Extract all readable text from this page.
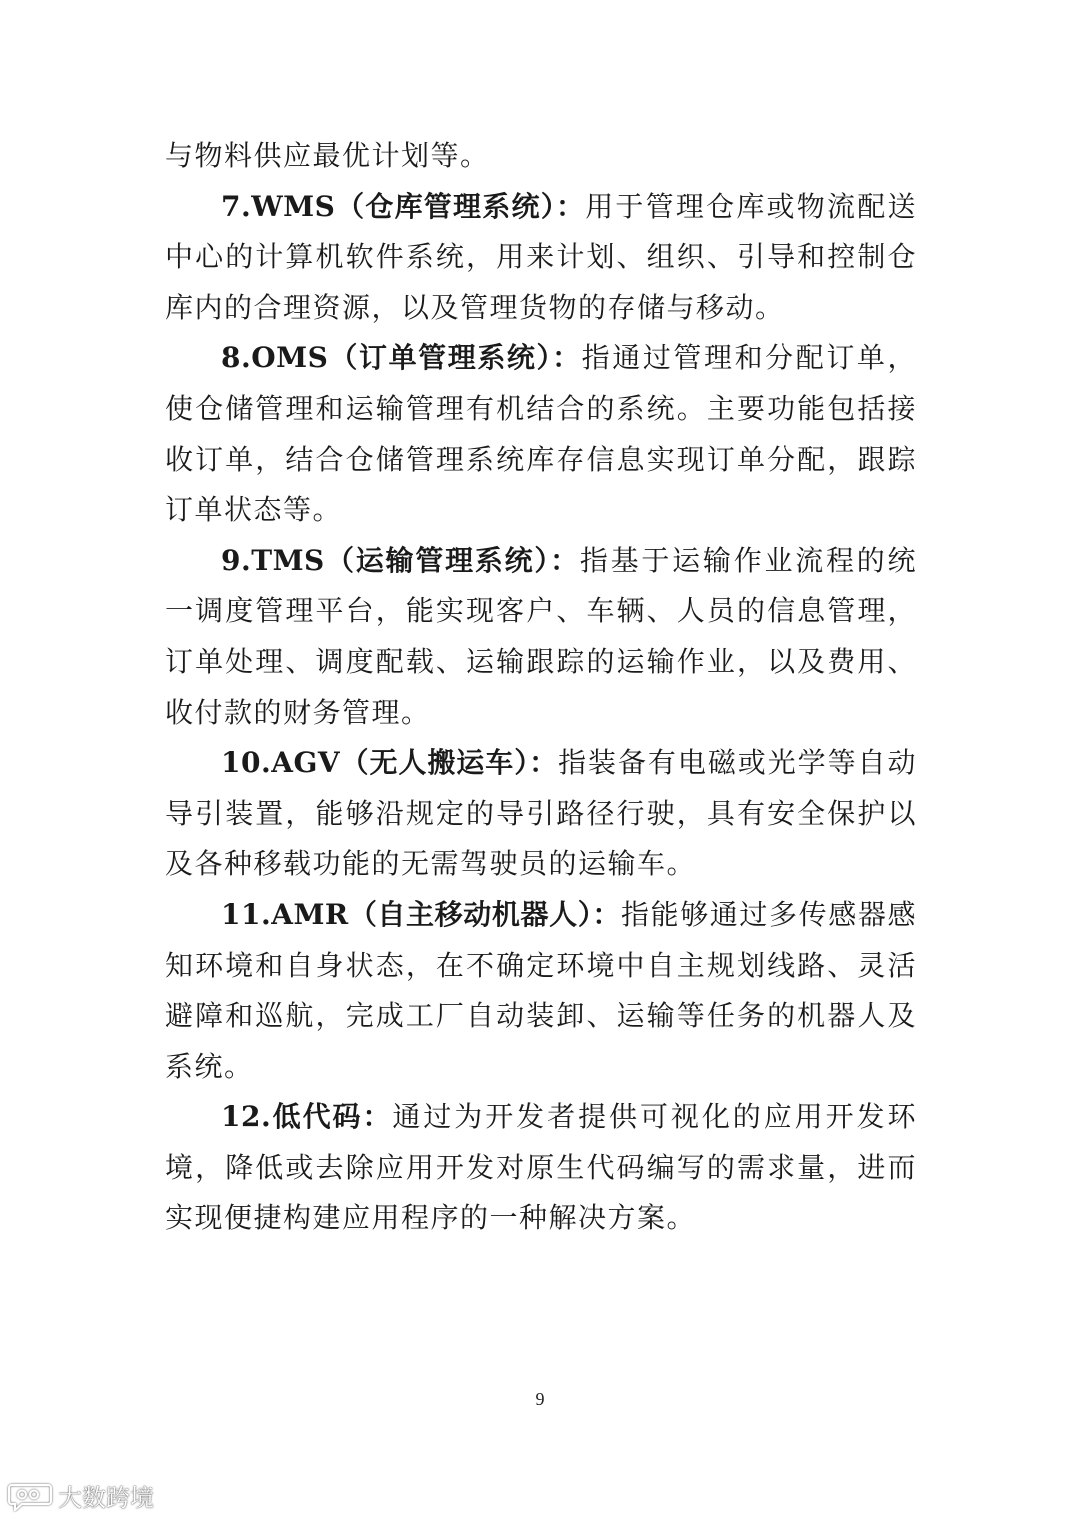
与物料供应最优计划等。

7.WMS（仓库管理系统）：用于管理仓库或物流配送中心的计算机软件系统，用来计划、组织、引导和控制仓库内的合理资源，以及管理货物的存储与移动。

8.OMS（订单管理系统）：指通过管理和分配订单，使仓储管理和运输管理有机结合的系统。主要功能包括接收订单，结合仓储管理系统库存信息实现订单分配，跟踪订单状态等。

9.TMS（运输管理系统）：指基于运输作业流程的统一调度管理平台，能实现客户、车辆、人员的信息管理，订单处理、调度配载、运输跟踪的运输作业，以及费用、收付款的财务管理。

10.AGV（无人搬运车）：指装备有电磁或光学等自动导引装置，能够沿规定的导引路径行驶，具有安全保护以及各种移载功能的无需驾驶员的运输车。

11.AMR（自主移动机器人）：指能够通过多传感器感知环境和自身状态，在不确定环境中自主规划线路、灵活避障和巡航，完成工厂自动装卸、运输等任务的机器人及系统。

12.低代码：通过为开发者提供可视化的应用开发环境，降低或去除应用开发对原生代码编写的需求量，进而实现便捷构建应用程序的一种解决方案。

9
大数跨境
